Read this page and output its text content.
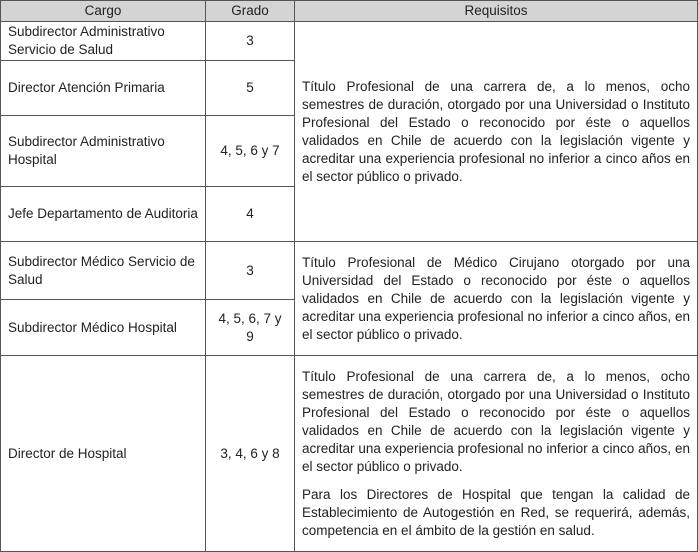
Cargo	Grado	Requisitos
Subdirector Administrativo Servicio de Salud	3	Título Profesional de una carrera de, a lo menos, ocho semestres de duración, otorgado por una Universidad o Instituto Profesional del Estado o reconocido por éste o aquellos validados en Chile de acuerdo con la legislación vigente y acreditar una experiencia profesional no inferior a cinco años en el sector público o privado.

Director Atención Primaria	5	
Subdirector Administrativo Hospital	4, 5, 6 y 7	
Jefe Departamento de Auditoria	4	
Subdirector Médico Servicio de Salud	3	Título Profesional de Médico Cirujano otorgado por una Universidad del Estado o reconocido por éste o aquellos validados en Chile de acuerdo con la legislación vigente y acreditar una experiencia profesional no inferior a cinco años, en el sector público o privado.

Subdirector Médico Hospital	4, 5, 6, 7 y 9	
Director de Hospital	3, 4, 6 y 8	Título Profesional de una carrera de, a lo menos, ocho semestres de duración, otorgado por una Universidad o Instituto Profesional del Estado o reconocido por éste o aquellos validados en Chile de acuerdo con la legislación vigente y acreditar una experiencia profesional no inferior a cinco años, en el sector público o privado.

Para los Directores de Hospital que tengan la calidad de Establecimiento de Autogestión en Red, se requerirá, además, competencia en el ámbito de la gestión en salud.
